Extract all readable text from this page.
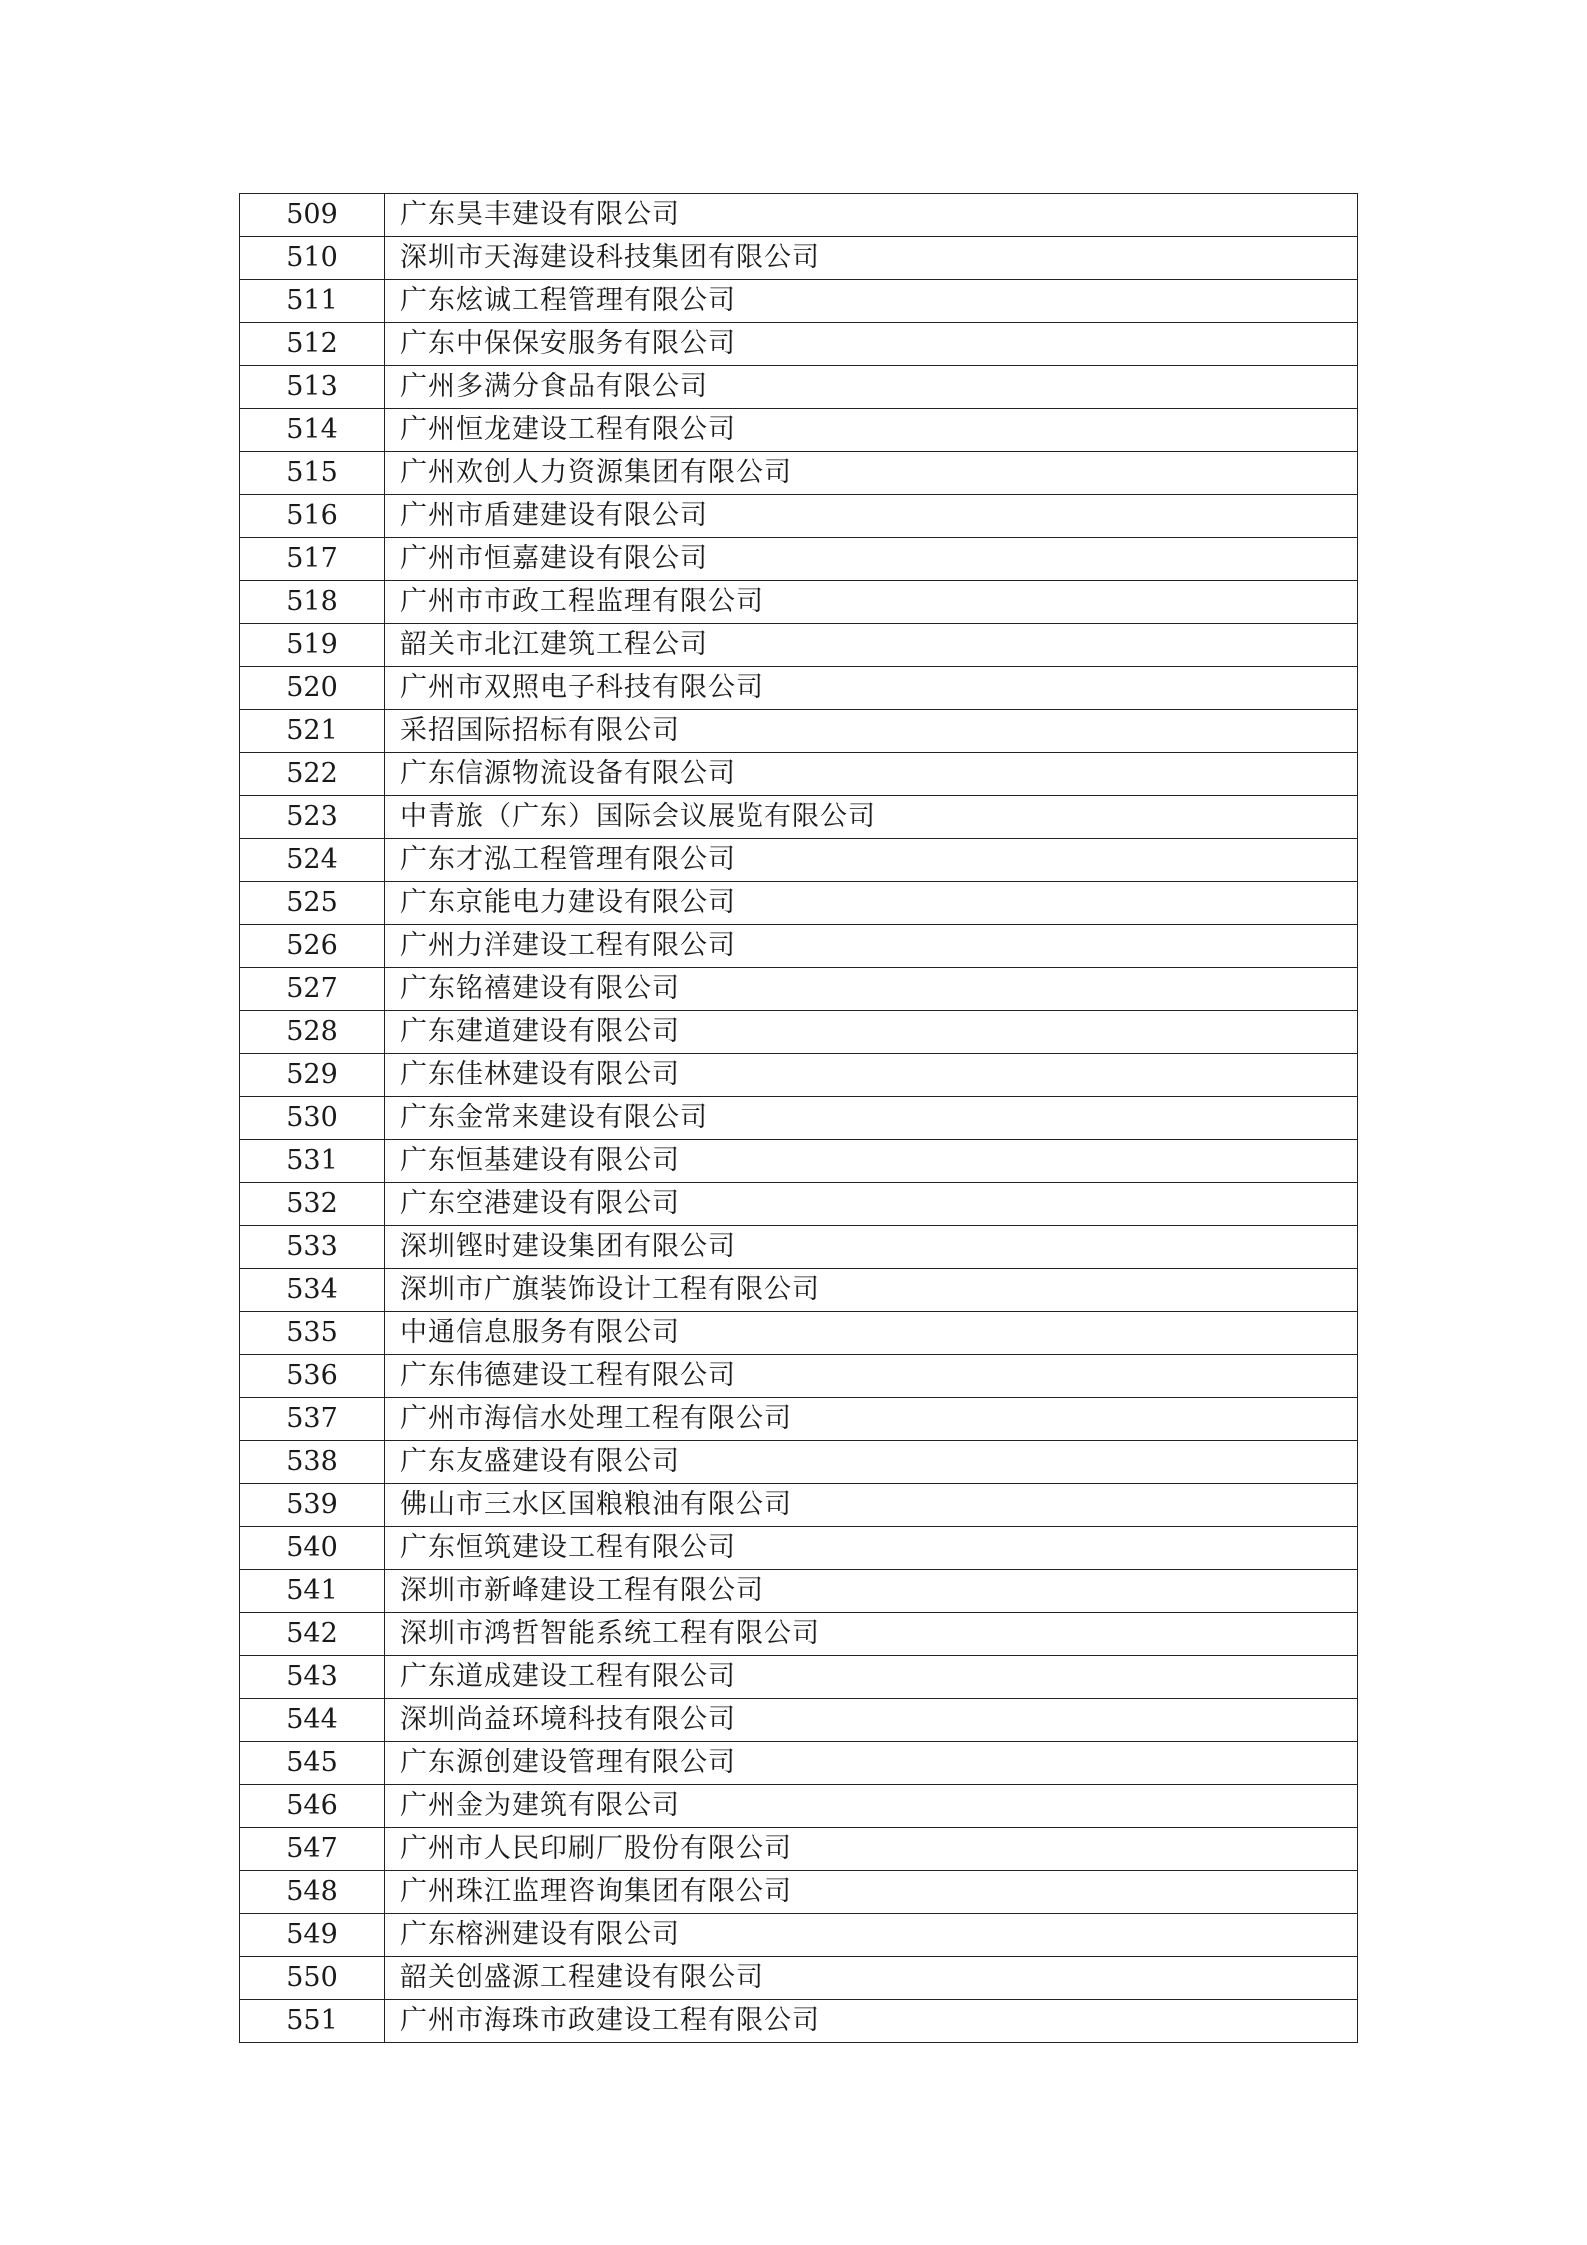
509	广东昊丰建设有限公司
510	深圳市天海建设科技集团有限公司
511	广东炫诚工程管理有限公司
512	广东中保保安服务有限公司
513	广州多满分食品有限公司
514	广州恒龙建设工程有限公司
515	广州欢创人力资源集团有限公司
516	广州市盾建建设有限公司
517	广州市恒嘉建设有限公司
518	广州市市政工程监理有限公司
519	韶关市北江建筑工程公司
520	广州市双照电子科技有限公司
521	采招国际招标有限公司
522	广东信源物流设备有限公司
523	中青旅（广东）国际会议展览有限公司
524	广东才泓工程管理有限公司
525	广东京能电力建设有限公司
526	广州力洋建设工程有限公司
527	广东铭禧建设有限公司
528	广东建道建设有限公司
529	广东佳林建设有限公司
530	广东金常来建设有限公司
531	广东恒基建设有限公司
532	广东空港建设有限公司
533	深圳铿时建设集团有限公司
534	深圳市广旗装饰设计工程有限公司
535	中通信息服务有限公司
536	广东伟德建设工程有限公司
537	广州市海信水处理工程有限公司
538	广东友盛建设有限公司
539	佛山市三水区国粮粮油有限公司
540	广东恒筑建设工程有限公司
541	深圳市新峰建设工程有限公司
542	深圳市鸿哲智能系统工程有限公司
543	广东道成建设工程有限公司
544	深圳尚益环境科技有限公司
545	广东源创建设管理有限公司
546	广州金为建筑有限公司
547	广州市人民印刷厂股份有限公司
548	广州珠江监理咨询集团有限公司
549	广东榕洲建设有限公司
550	韶关创盛源工程建设有限公司
551	广州市海珠市政建设工程有限公司
